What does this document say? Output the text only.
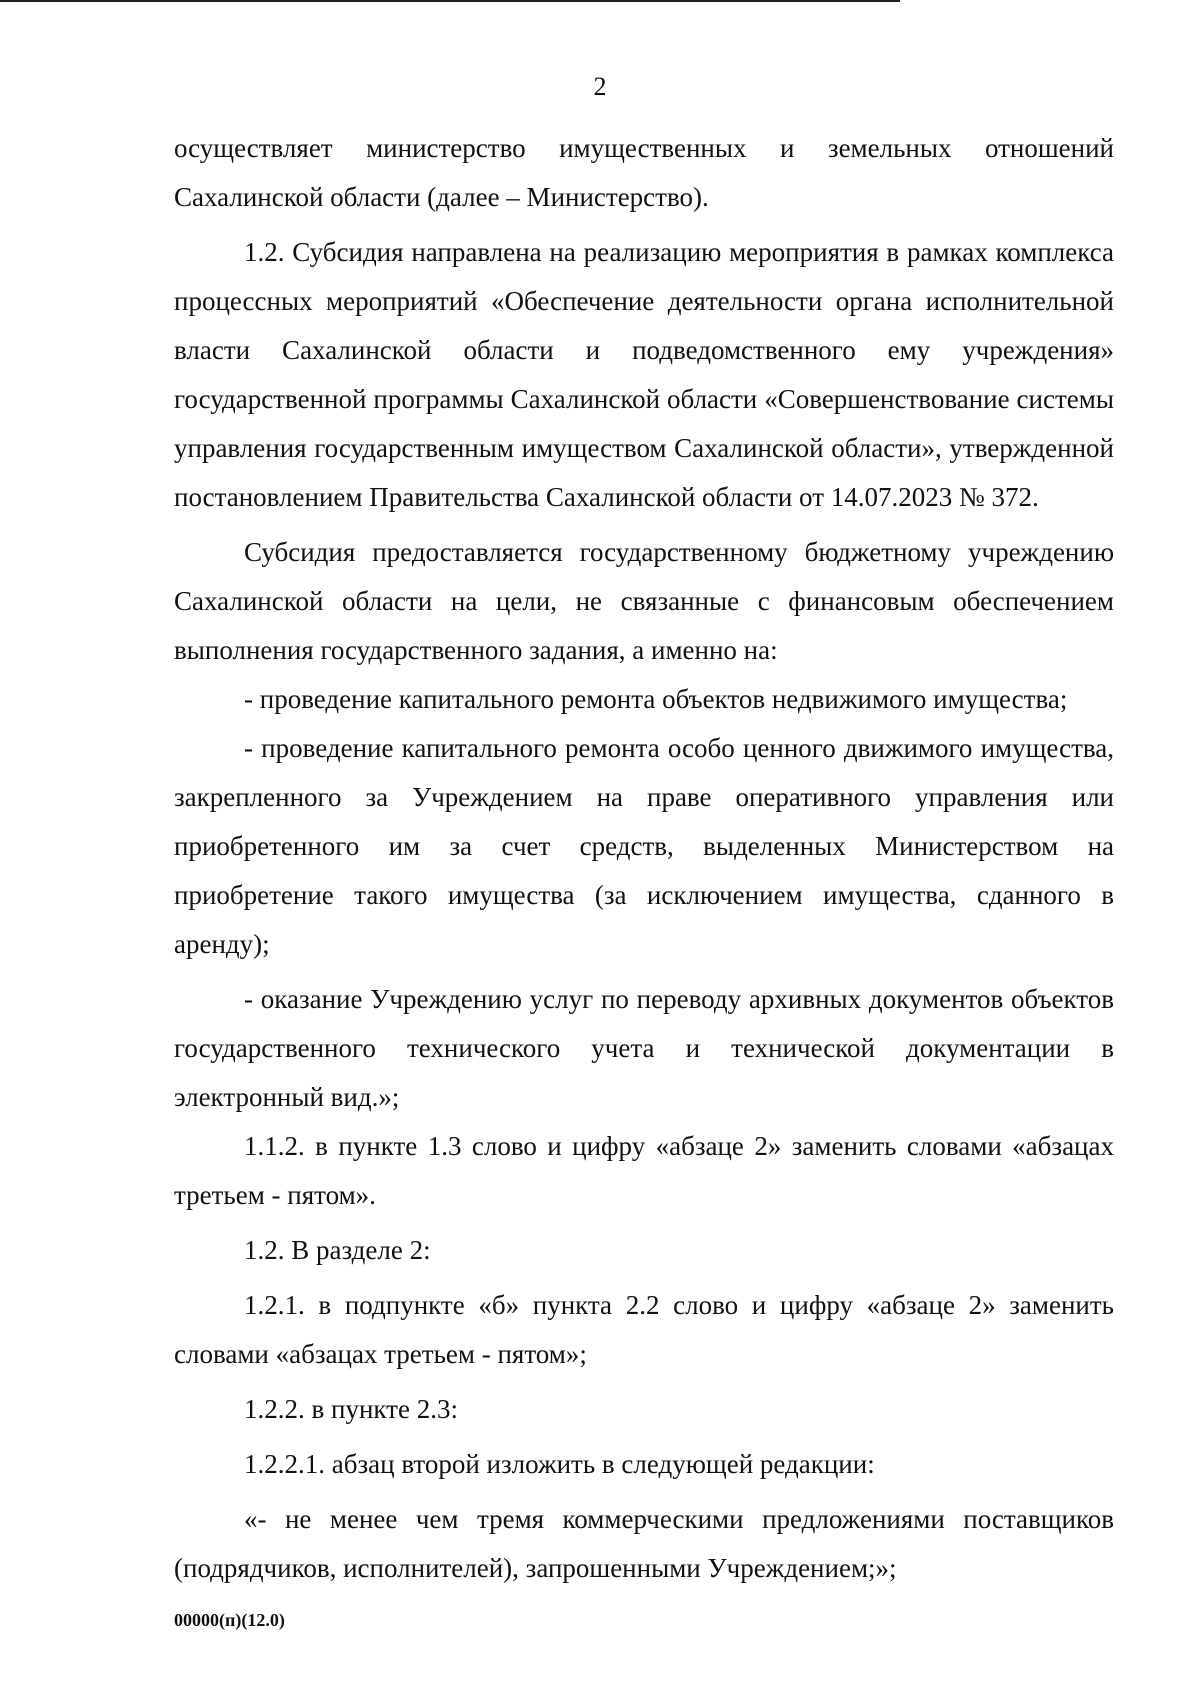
2

осуществляет министерство имущественных и земельных отношений Сахалинской области (далее – Министерство).

1.2. Субсидия направлена на реализацию мероприятия в рамках комплекса процессных мероприятий «Обеспечение деятельности органа исполнительной власти Сахалинской области и подведомственного ему учреждения» государственной программы Сахалинской области «Совершенствование системы управления государственным имуществом Сахалинской области», утвержденной постановлением Правительства Сахалинской области от 14.07.2023 № 372.

Субсидия предоставляется государственному бюджетному учреждению Сахалинской области на цели, не связанные с финансовым обеспечением выполнения государственного задания, а именно на:

- проведение капитального ремонта объектов недвижимого имущества;

- проведение капитального ремонта особо ценного движимого имущества, закрепленного за Учреждением на праве оперативного управления или приобретенного им за счет средств, выделенных Министерством на приобретение такого имущества (за исключением имущества, сданного в аренду);

- оказание Учреждению услуг по переводу архивных документов объектов государственного технического учета и технической документации в электронный вид.»;

1.1.2. в пункте 1.3 слово и цифру «абзаце 2» заменить словами «абзацах третьем - пятом».

1.2. В разделе 2:

1.2.1. в подпункте «б» пункта 2.2 слово и цифру «абзаце 2» заменить словами «абзацах третьем - пятом»;

1.2.2. в пункте 2.3:

1.2.2.1. абзац второй изложить в следующей редакции:

«- не менее чем тремя коммерческими предложениями поставщиков (подрядчиков, исполнителей), запрошенными Учреждением;»;

00000(п)(12.0)
